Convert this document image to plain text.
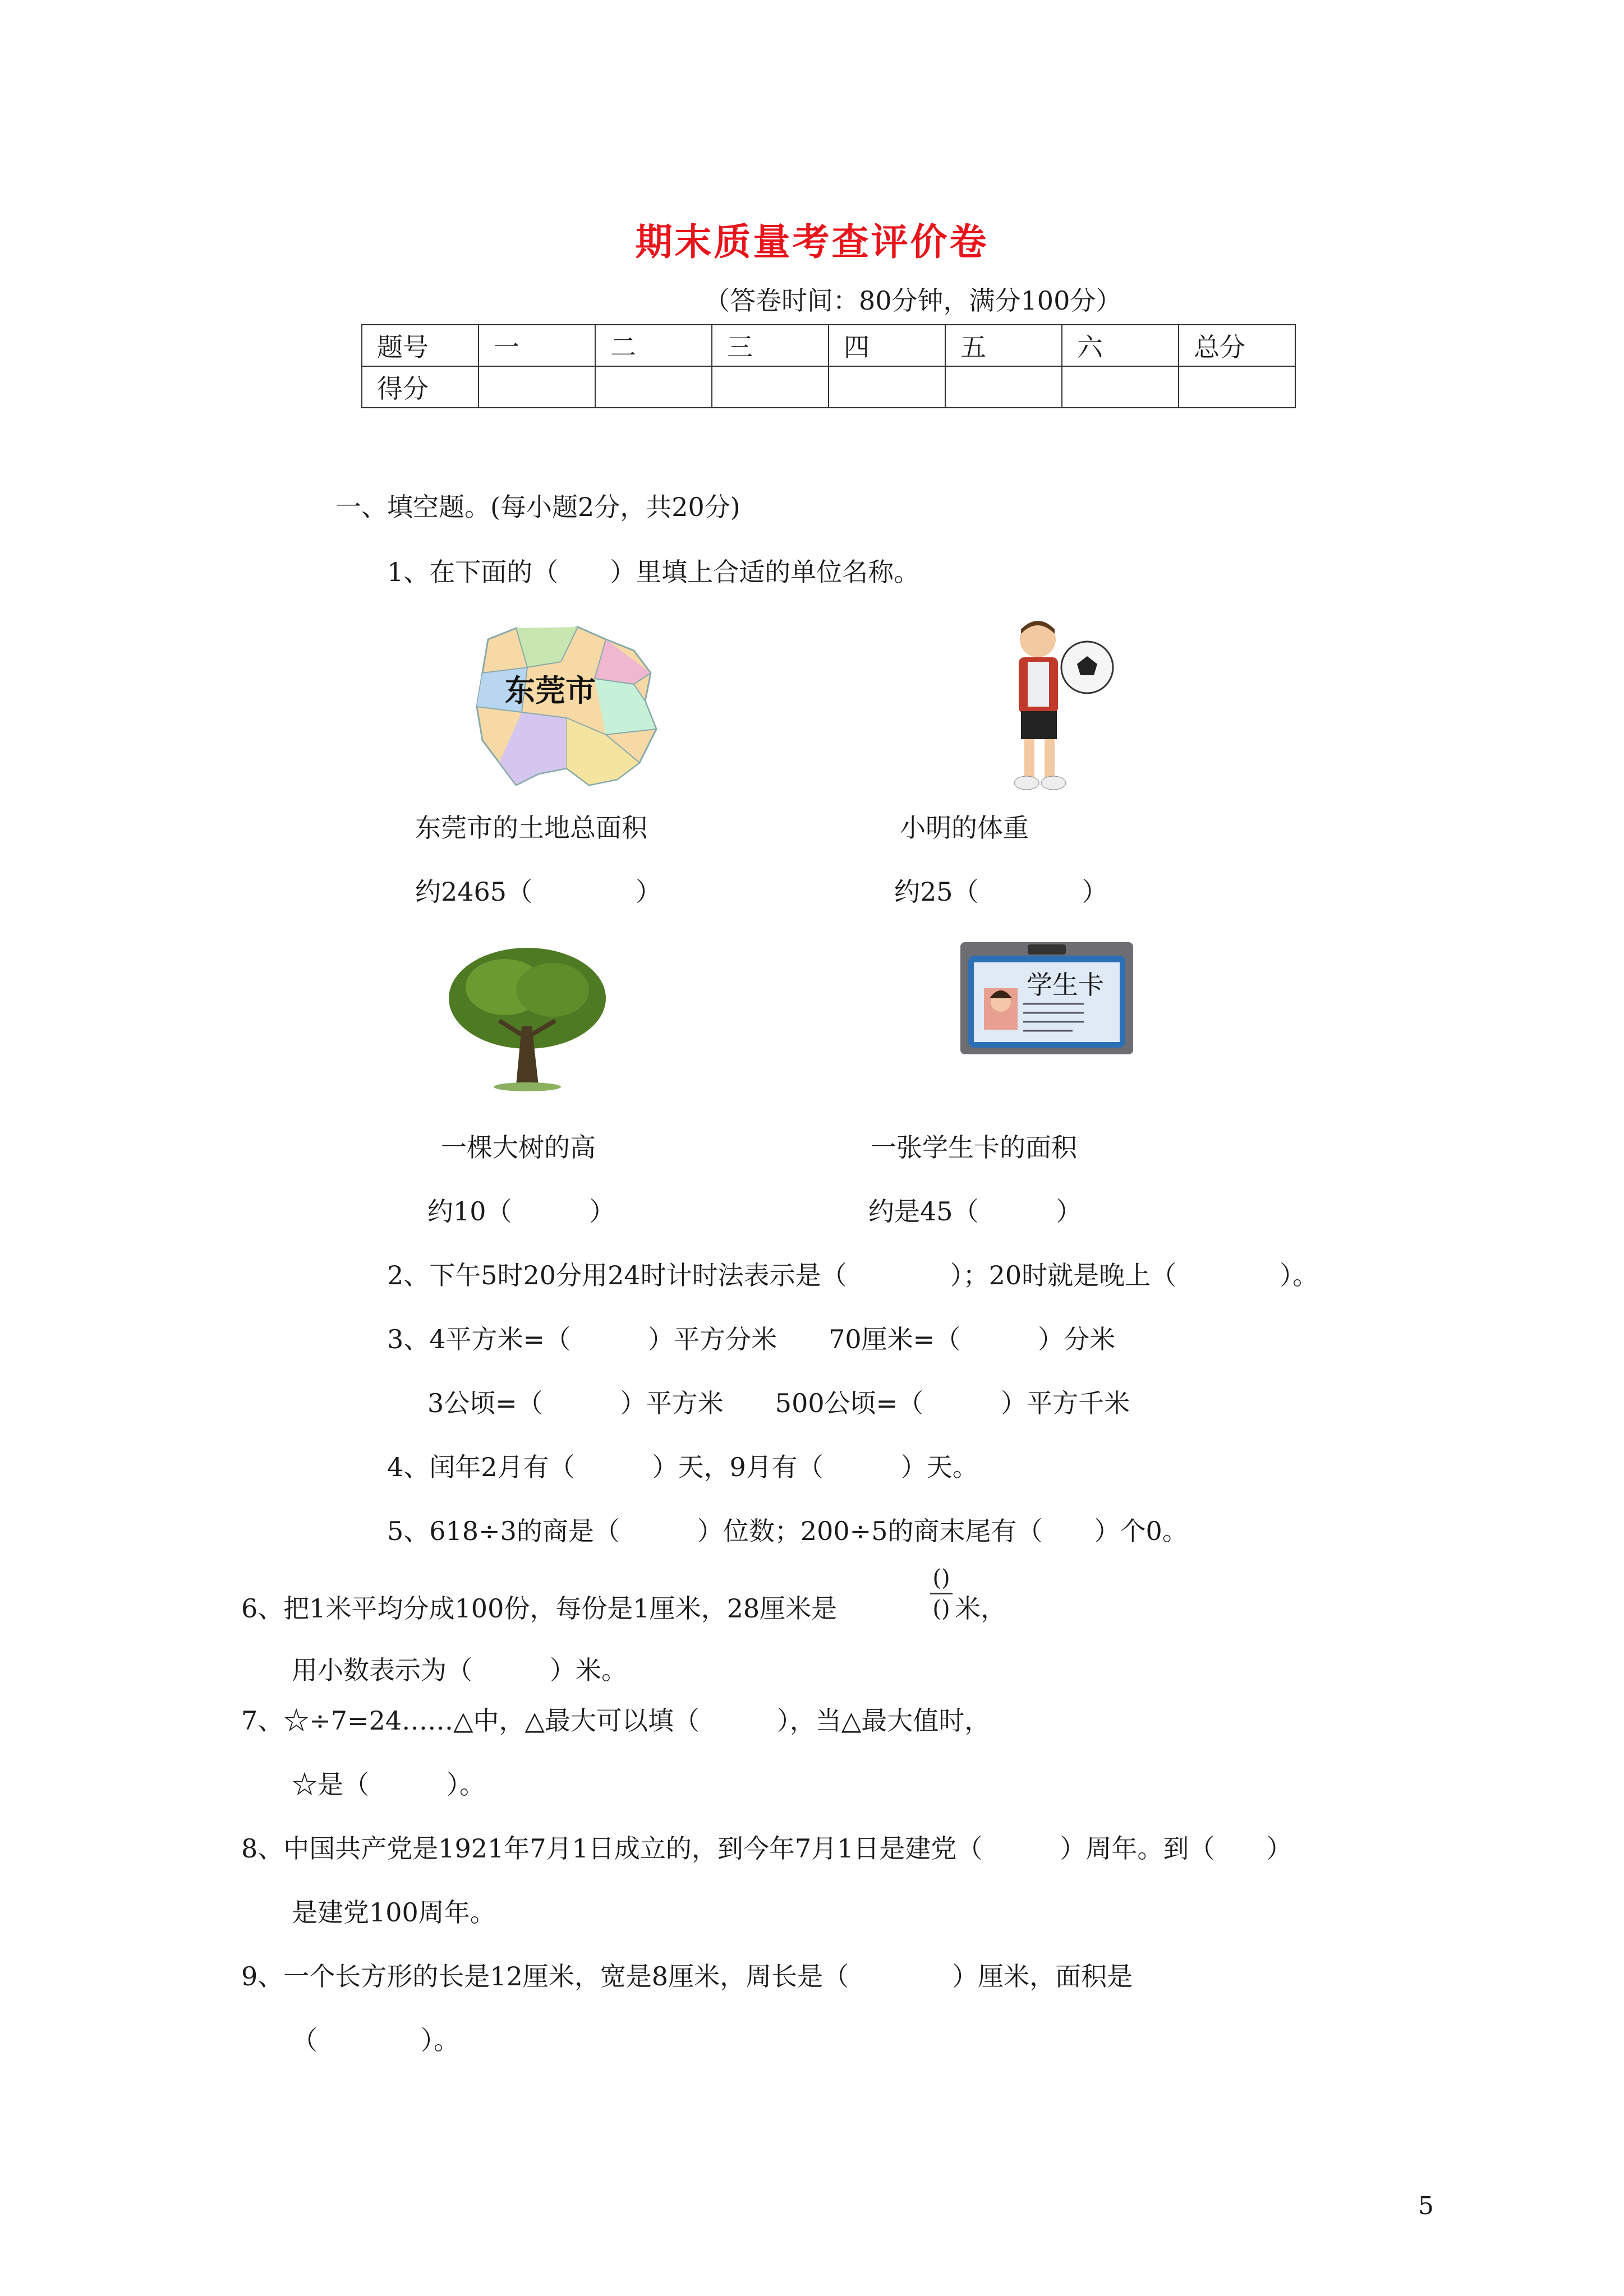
期末质量考查评价卷
（答卷时间：80分钟，满分100分）
题号	一	二	三	四	五	六	总分
得分							
一、填空题。(每小题2分，共20分)
1、在下面的（　　）里填上合适的单位名称。
东莞市
东莞市的土地总面积
约2465（　　　　）
小明的体重
约25（　　　　）
学生卡
一棵大树的高
约10（　　　）
一张学生卡的面积
约是45（　　　）
2、下午5时20分用24时计时法表示是（　　　　）；20时就是晚上（　　　　）。
3、4平方米=（　　　）平方分米　　70厘米=（　　　）分米
3公顷=（　　　）平方米　　500公顷=（　　　）平方千米
4、闰年2月有（　　　）天，9月有（　　　）天。
5、618÷3的商是（　　　）位数；200÷5的商末尾有（　　）个0。
6、把1米平均分成100份，每份是1厘米，28厘米是
()
() 米，
用小数表示为（　　　）米。
7、☆÷7=24……△中，△最大可以填（　　　），当△最大值时，
☆是（　　　）。
8、中国共产党是1921年7月1日成立的，到今年7月1日是建党（　　　）周年。到（　　）
是建党100周年。
9、一个长方形的长是12厘米，宽是8厘米，周长是（　　　　）厘米，面积是
（　　　　）。
5
